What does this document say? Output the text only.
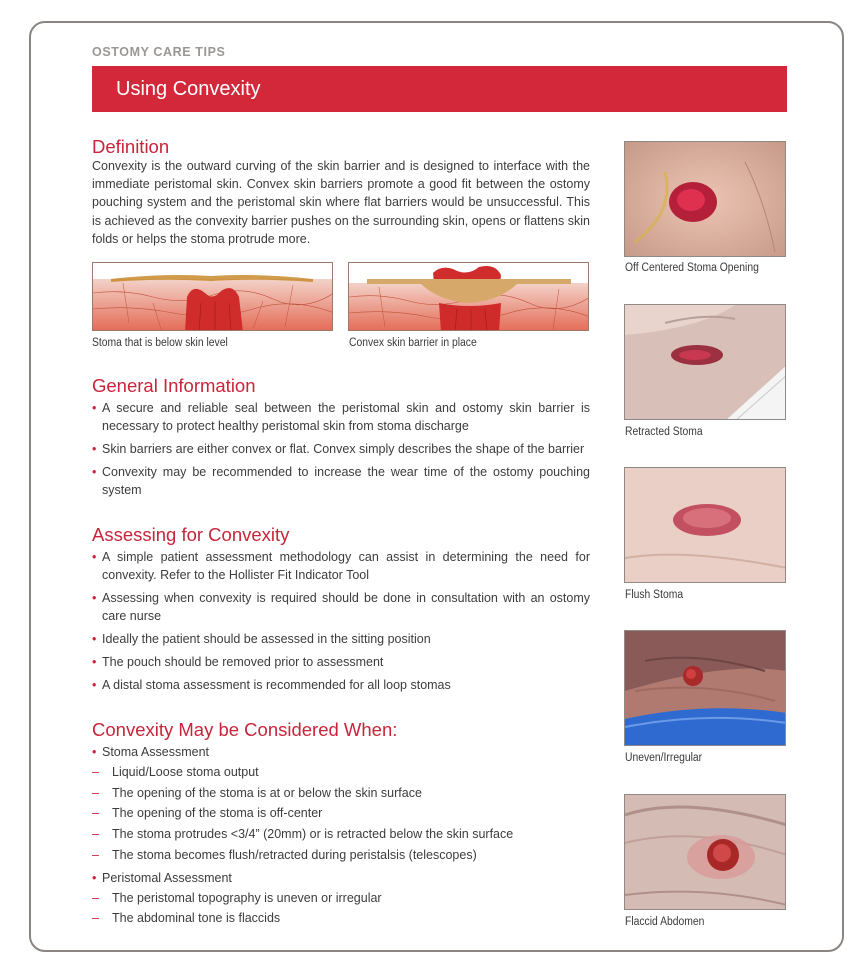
OSTOMY CARE TIPS
Using Convexity
Definition
Convexity is the outward curving of the skin barrier and is designed to interface with the immediate peristomal skin. Convex skin barriers promote a good fit between the ostomy pouching system and the peristomal skin where flat barriers would be unsuccessful. This is achieved as the convexity barrier pushes on the surrounding skin, opens or flattens skin folds or helps the stoma protrude more.
Stoma that is below skin level	Convex skin barrier in place
General Information
• A secure and reliable seal between the peristomal skin and ostomy skin barrier is necessary to protect healthy peristomal skin from stoma discharge
• Skin barriers are either convex or flat. Convex simply describes the shape of the barrier
• Convexity may be recommended to increase the wear time of the ostomy pouching system
Assessing for Convexity
• A simple patient assessment methodology can assist in determining the need for convexity. Refer to the Hollister Fit Indicator Tool
• Assessing when convexity is required should be done in consultation with an ostomy care nurse
• Ideally the patient should be assessed in the sitting position
• The pouch should be removed prior to assessment
• A distal stoma assessment is recommended for all loop stomas
Convexity May be Considered When:
• Stoma Assessment
– Liquid/Loose stoma output
– The opening of the stoma is at or below the skin surface
– The opening of the stoma is off-center
– The stoma protrudes <3/4” (20mm) or is retracted below the skin surface
– The stoma becomes flush/retracted during peristalsis (telescopes)
• Peristomal Assessment
– The peristomal topography is uneven or irregular
– The abdominal tone is flaccids
Off Centered Stoma Opening
Retracted Stoma
Flush Stoma
Uneven/Irregular
Flaccid Abdomen
